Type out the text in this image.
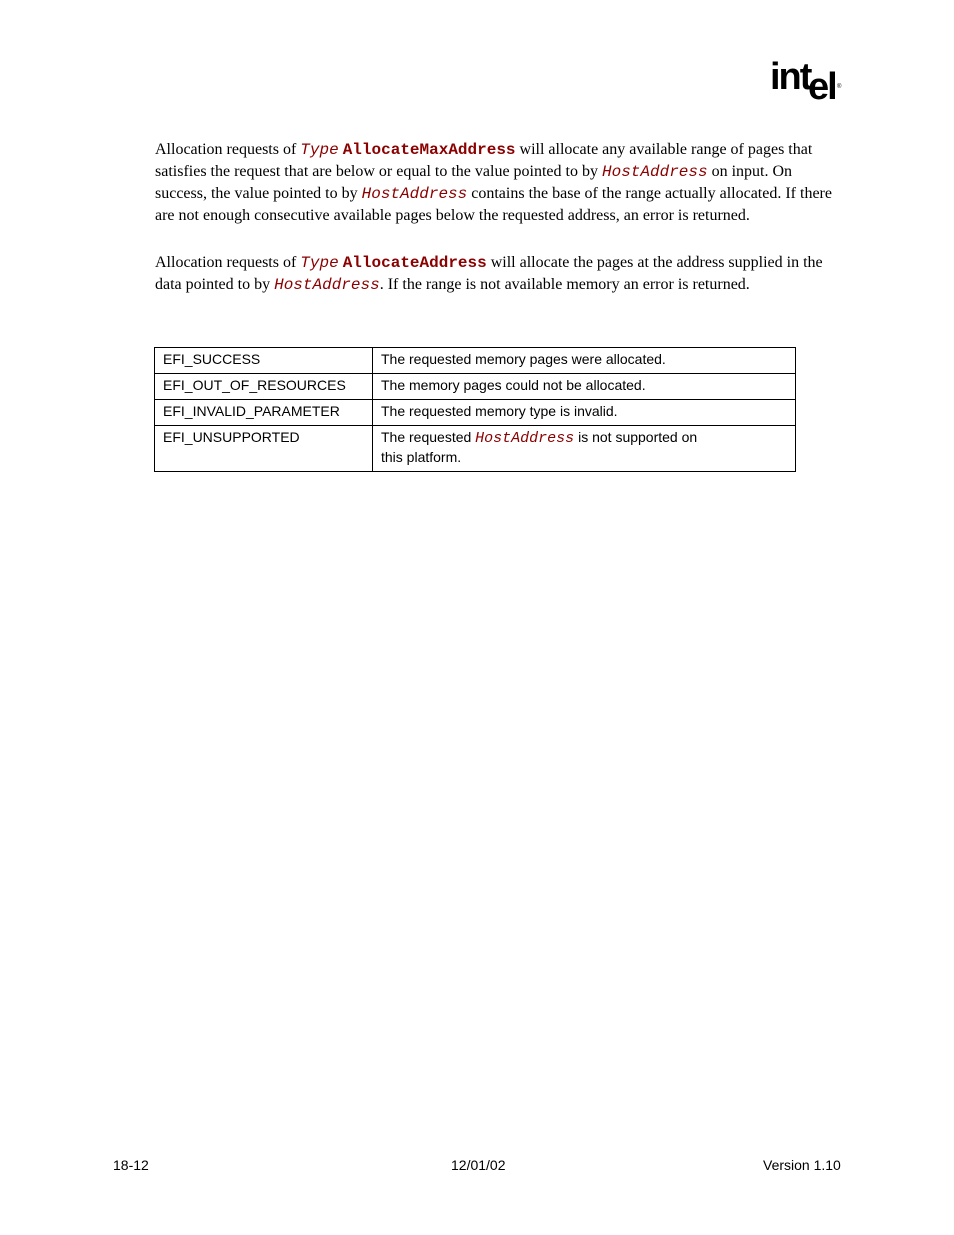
int
el ®

Allocation requests of Type AllocateMaxAddress will allocate any available range of pages that satisfies the request that are below or equal to the value pointed to by HostAddress on input. On success, the value pointed to by HostAddress contains the base of the range actually allocated. If there are not enough consecutive available pages below the requested address, an error is returned.

Allocation requests of Type AllocateAddress will allocate the pages at the address supplied in the data pointed to by HostAddress. If the range is not available memory an error is returned.

EFI_SUCCESS	The requested memory pages were allocated.
EFI_OUT_OF_RESOURCES	The memory pages could not be allocated.
EFI_INVALID_PARAMETER	The requested memory type is invalid.
EFI_UNSUPPORTED	The requested HostAddress is not supported on
this platform.
18-12	12/01/02	Version 1.10
